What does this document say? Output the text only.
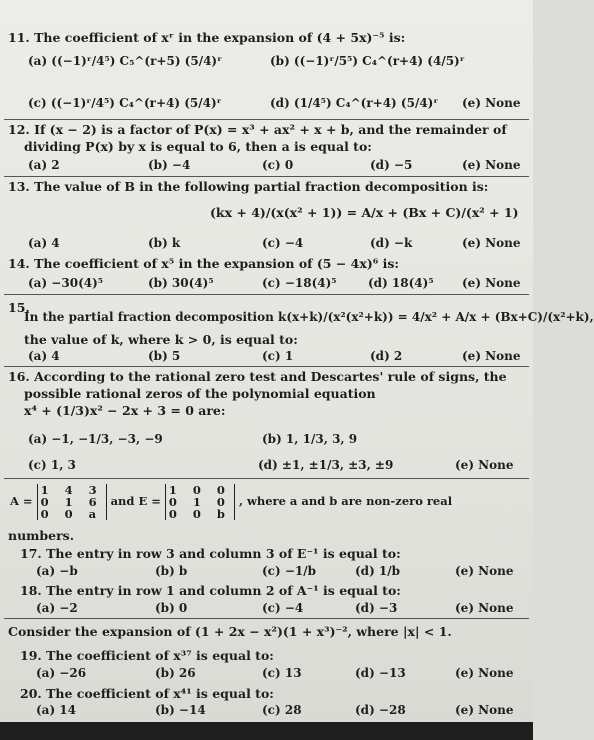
11. The coefficient of xʳ in the expansion of (4 + 5x)⁻⁵ is:
(a) ((−1)ʳ/4⁵) C₅^(r+5) (5/4)ʳ	(b) ((−1)ʳ/5⁵) C₄^(r+4) (4/5)ʳ
(c) ((−1)ʳ/4⁵) C₄^(r+4) (5/4)ʳ	(d) (1/4⁵) C₄^(r+4) (5/4)ʳ (e) None
12. If (x − 2) is a factor of P(x) = x³ + ax² + x + b, and the remainder of
dividing P(x) by x is equal to 6, then a is equal to:
(a) 2	(b) −4	(c) 0	(d) −5	(e) None
13. The value of B in the following partial fraction decomposition is:
(kx + 4)/(x(x² + 1)) = A/x + (Bx + C)/(x² + 1)
(a) 4	(b) k	(c) −4	(d) −k	(e) None
14. The coefficient of x⁵ in the expansion of (5 − 4x)⁶ is:
(a) −30(4)⁵	(b) 30(4)⁵	(c) −18(4)⁵	(d) 18(4)⁵ (e) None
15.
In the partial fraction decomposition k(x+k)/(x²(x²+k)) = 4/x² + A/x + (Bx+C)/(x²+k),
the value of k, where k > 0, is equal to:
(a) 4	(b) 5	(c) 1	(d) 2	(e) None
16. According to the rational zero test and Descartes' rule of signs, the
possible rational zeros of the polynomial equation
x⁴ + (1/3)x² − 2x + 3 = 0 are:
(a) −1, −1/3, −3, −9	(b) 1, 1/3, 3, 9
(c) 1, 3	(d) ±1, ±1/3, ±3, ±9	(e) None
A =
1 4 3
0 1 6
0 0 a
and E =
1 0 0
0 1 0
0 0 b
, where a and b are non-zero real
numbers.
17. The entry in row 3 and column 3 of E⁻¹ is equal to:
(a) −b	(b) b	(c) −1/b	(d) 1/b	(e) None
18. The entry in row 1 and column 2 of A⁻¹ is equal to:
(a) −2	(b) 0	(c) −4	(d) −3	(e) None
Consider the expansion of (1 + 2x − x²)(1 + x³)⁻², where |x| < 1.
19. The coefficient of x³⁷ is equal to:
(a) −26	(b) 26	(c) 13	(d) −13	(e) None
20. The coefficient of x⁴¹ is equal to:
(a) 14	(b) −14	(c) 28	(d) −28	(e) None
